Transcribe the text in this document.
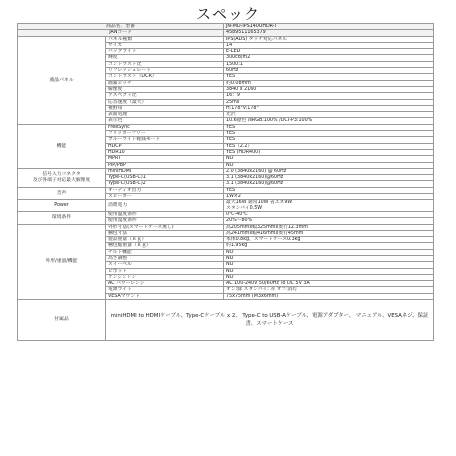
スペック
商品名、型番		JN-MD-IPS140UHDR-T
JANコード		4589511165379
液晶パネル	パネル種類	IPS(ADS) タッチ対応パネル
	サイズ	14
	バックライト	E-LED
	輝度	300cd/m2
	コントラスト比	1500:1
	リフレッシュレート	60Hz
	コントラスト（DCR）	YES
	画素ピッチ	約0.08mm
	解像度	3840 x 2160
	アスペクト比	16：9
	応答速度（最大）	25ms
	視野角	H:178°V:178°
	表面処理	光沢
	表示色	10.6億色 /sRGB:100% /DCI-P3:100%
機能	FreeSync	YES
	フリッカーフリー	YES
	ブルーライト軽減モード	YES
	HDCP	YES（2.2）
	HDR10	YES (HDR400)
	MPRT	NO
	PIP/PBP	NO
信号入力コネクタ
及び各端子対応最大解像度	miniHDMI	2.0 (3840x2160) @ 60Hz
	Type-C(USB-C)1	3.1 (3840x2160)@60Hz
	Type-C(USB-C)2	3.1 (3840x2160)@60Hz
音声	オーディオ出力	YES
	スピーカー	1W×2
Power	消費電力	最大16W 通常10W 省エネ9W
スタンバイ0.5W
環境条件	使用温度条件	0℃-40℃
	使用湿度条件	20%〜80%
外形/重量/機能	外形寸法(スマートケース無し)	高205mmx幅325mmx奥行12.3mm
	梱包寸法	高241mmx幅416mmx奥行45mm
	製品重量（ｋｇ）	本体0.8kg、スマートケース0.3kg
	梱包総重量（ｋｇ）	約1.95kg
	チルト機能	NO
	高さ調整	NO
	スイーベル	NO
	ピボット	NO
	ケンジントン	NO
	AC パワーレンジ	AC 100-240V 50/60Hz To DC 5V 3A
	電源ライト	オン:緑 スタンバイ: 赤 オフ:消灯
	VESAマウント	75x75mm (M3x6mm)
付属品	miniHDMI to HDMIケーブル、Type-Cケーブル x 2、 Type-C to USB-Aケーブル、電源アダプター、 マニュアル、VESAネジ、保証書、スマートケース	
